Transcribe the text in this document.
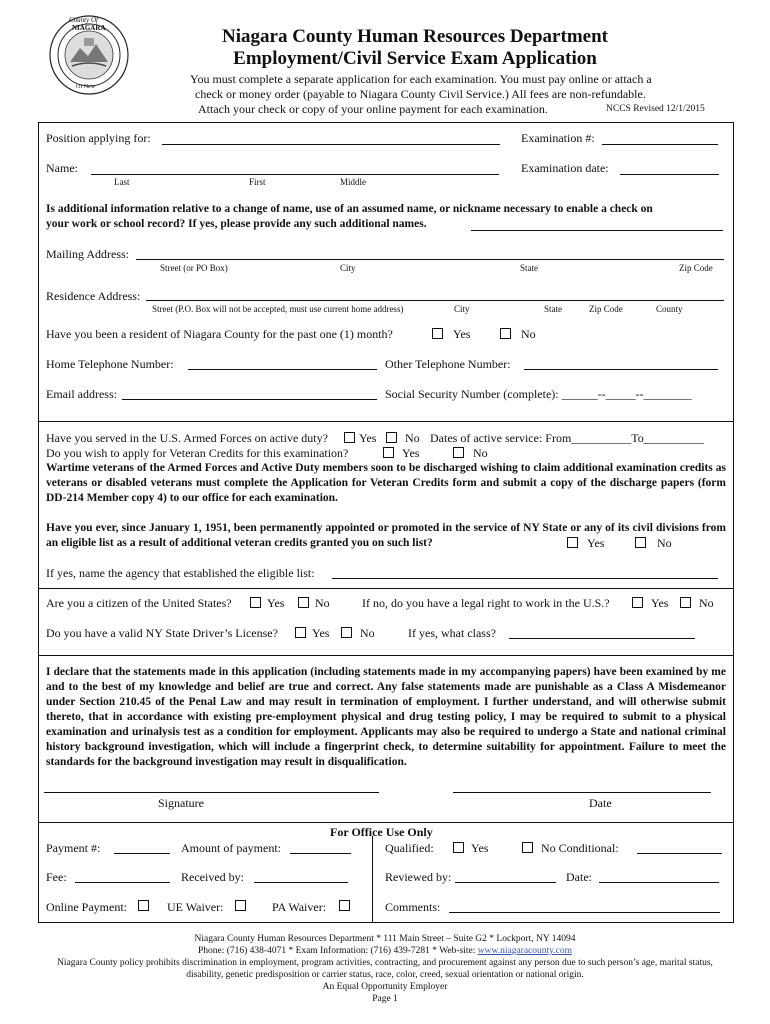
County Of
NIAGARA
Of New
Niagara County Human Resources Department
Employment/Civil Service Exam Application
You must complete a separate application for each examination. You must pay online or attach a
check or money order (payable to Niagara County Civil Service.) All fees are non-refundable.
Attach your check or copy of your online payment for each examination.	NCCS Revised 12/1/2015
Position applying for:	Examination #:
Name:	Examination date:
Last	First	Middle
Is additional information relative to a change of name, use of an assumed name, or nickname necessary to enable a check on
your work or school record? If yes, please provide any such additional names.
Mailing Address:
Street (or PO Box)	City	State	Zip Code
Residence Address:
Street (P.O. Box will not be accepted, must use current home address)	City	State	Zip Code	County
Have you been a resident of Niagara County for the past one (1) month?	Yes	No
Home Telephone Number:	Other Telephone Number:
Email address:	Social Security Number (complete): ______--_____--________
Have you served in the U.S. Armed Forces on active duty?	Yes No Dates of active service: From__________To__________
Do you wish to apply for Veteran Credits for this examination?	Yes	No
Wartime veterans of the Armed Forces and Active Duty members soon to be discharged wishing to claim additional examination credits as veterans or disabled veterans must complete the Application for Veteran Credits form and submit a copy of the discharge papers (form DD-214 Member copy 4) to our office for each examination.
Have you ever, since January 1, 1951, been permanently appointed or promoted in the service of NY State or any of its civil divisions from an eligible list as a result of additional veteran credits granted you on such list?	Yes	No
If yes, name the agency that established the eligible list:
Are you a citizen of the United States?	Yes	No	If no, do you have a legal right to work in the U.S.?	Yes	No
Do you have a valid NY State Driver’s License?	Yes	No	If yes, what class?
I declare that the statements made in this application (including statements made in my accompanying papers) have been examined by me and to the best of my knowledge and belief are true and correct. Any false statements made are punishable as a Class A Misdemeanor under Section 210.45 of the Penal Law and may result in termination of employment. I further understand, and will otherwise submit thereto, that in accordance with existing pre-employment physical and drug testing policy, I may be required to submit to a physical examination and urinalysis test as a condition for employment. Applicants may also be required to undergo a State and national criminal history background investigation, which will include a fingerprint check, to determine suitability for appointment. Failure to meet the standards for the background investigation may result in disqualification.
Signature	Date
For Office Use Only
Payment #:	Amount of payment:	Qualified:	Yes	No Conditional:
Fee:	Received by:	Reviewed by:	Date:
Online Payment:	UE Waiver:	PA Waiver:	Comments:
Niagara County Human Resources Department * 111 Main Street – Suite G2 * Lockport, NY 14094
Phone: (716) 438-4071 * Exam Information: (716) 439-7281 * Web-site: www.niagaracounty.com
Niagara County policy prohibits discrimination in employment, program activities, contracting, and procurement against any person due to such person’s age, marital status,
disability, genetic predisposition or carrier status, race, color, creed, sexual orientation or national origin.
An Equal Opportunity Employer
Page 1
